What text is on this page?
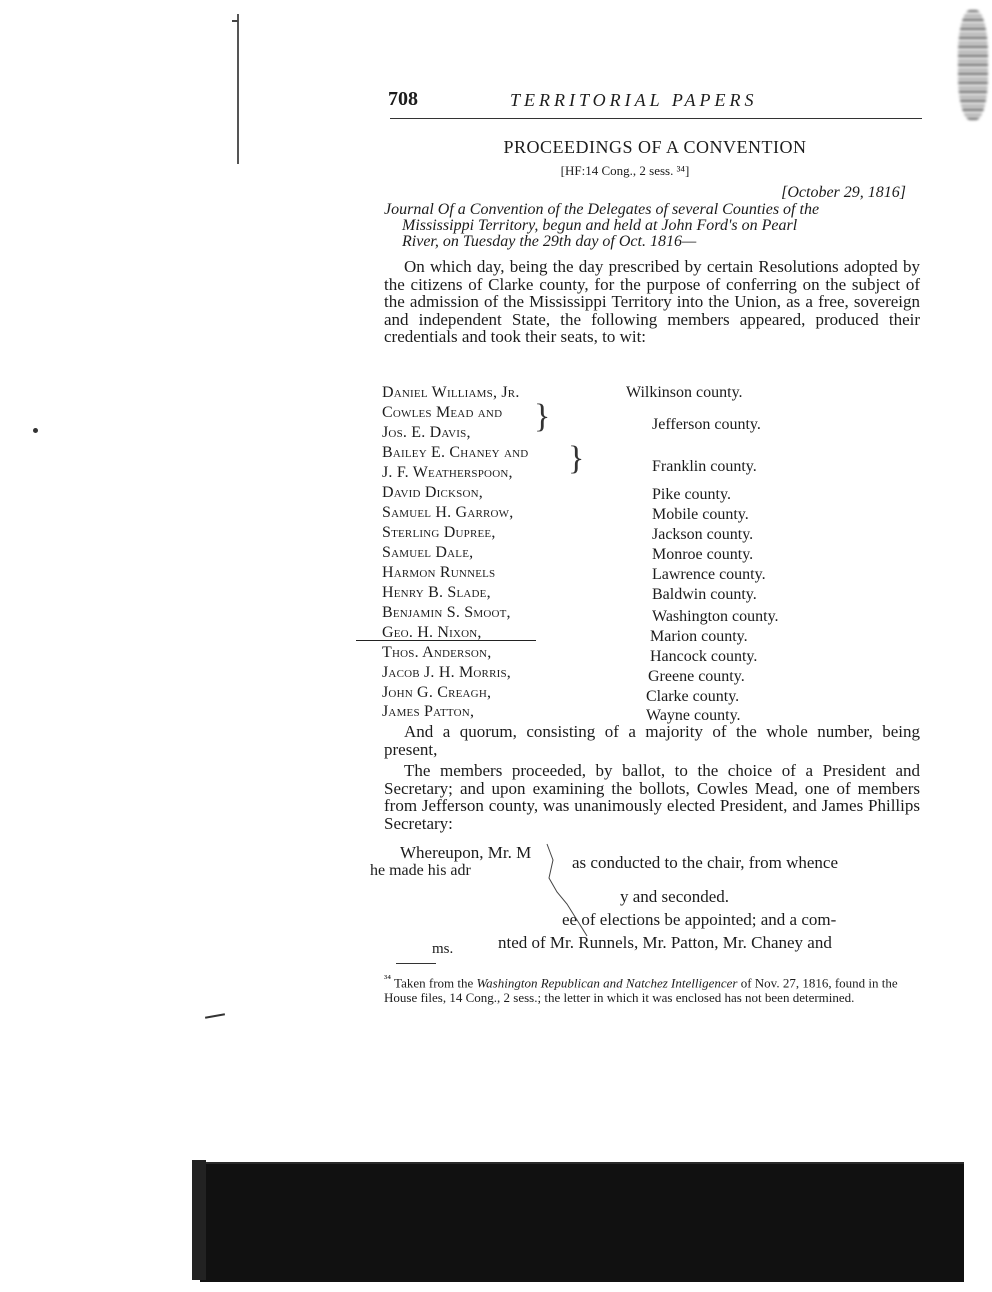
708	TERRITORIAL PAPERS
PROCEEDINGS OF A CONVENTION
[HF:14 Cong., 2 sess. ³⁴]
[October 29, 1816]
Journal Of a Convention of the Delegates of several Counties of the
Mississippi Territory, begun and held at John Ford's on Pearl
River, on Tuesday the 29th day of Oct. 1816—
On which day, being the day prescribed by certain Resolutions adopted by the citizens of Clarke county, for the purpose of conferring on the subject of the admission of the Mississippi Territory into the Union, as a free, sovereign and independent State, the following members appeared, produced their credentials and took their seats, to wit:
Daniel Williams, Jr.	Wilkinson county.
Cowles Mead and
Jos. E. Davis,	Jefferson county.
}
Bailey E. Chaney and
J. F. Weatherspoon,	Franklin county.
}
David Dickson,	Pike county.
Samuel H. Garrow,	Mobile county.
Sterling Dupree,	Jackson county.
Samuel Dale,	Monroe county.
Harmon Runnels	Lawrence county.
Henry B. Slade,	Baldwin county.
Benjamin S. Smoot,	Washington county.
Geo. H. Nixon,	Marion county.
Thos. Anderson,	Hancock county.
Jacob J. H. Morris,	Greene county.
John G. Creagh,	Clarke county.
James Patton,	Wayne county.
And a quorum, consisting of a majority of the whole number, being present,
The members proceeded, by ballot, to the choice of a President and Secretary; and upon examining the bollots, Cowles Mead, one of members from Jefferson county, was unanimously elected President, and James Phillips Secretary:
Whereupon, Mr. M
as conducted to the chair, from whence
he made his adr
y and seconded.
ee of elections be appointed; and a com-
nted of Mr. Runnels, Mr. Patton, Mr. Chaney and
ms.
$^{^{34}}$ Taken from the Washington Republican and Natchez Intelligencer of Nov. 27, 1816, found in the House files, 14 Cong., 2 sess.; the letter in which it was enclosed has not been determined.
